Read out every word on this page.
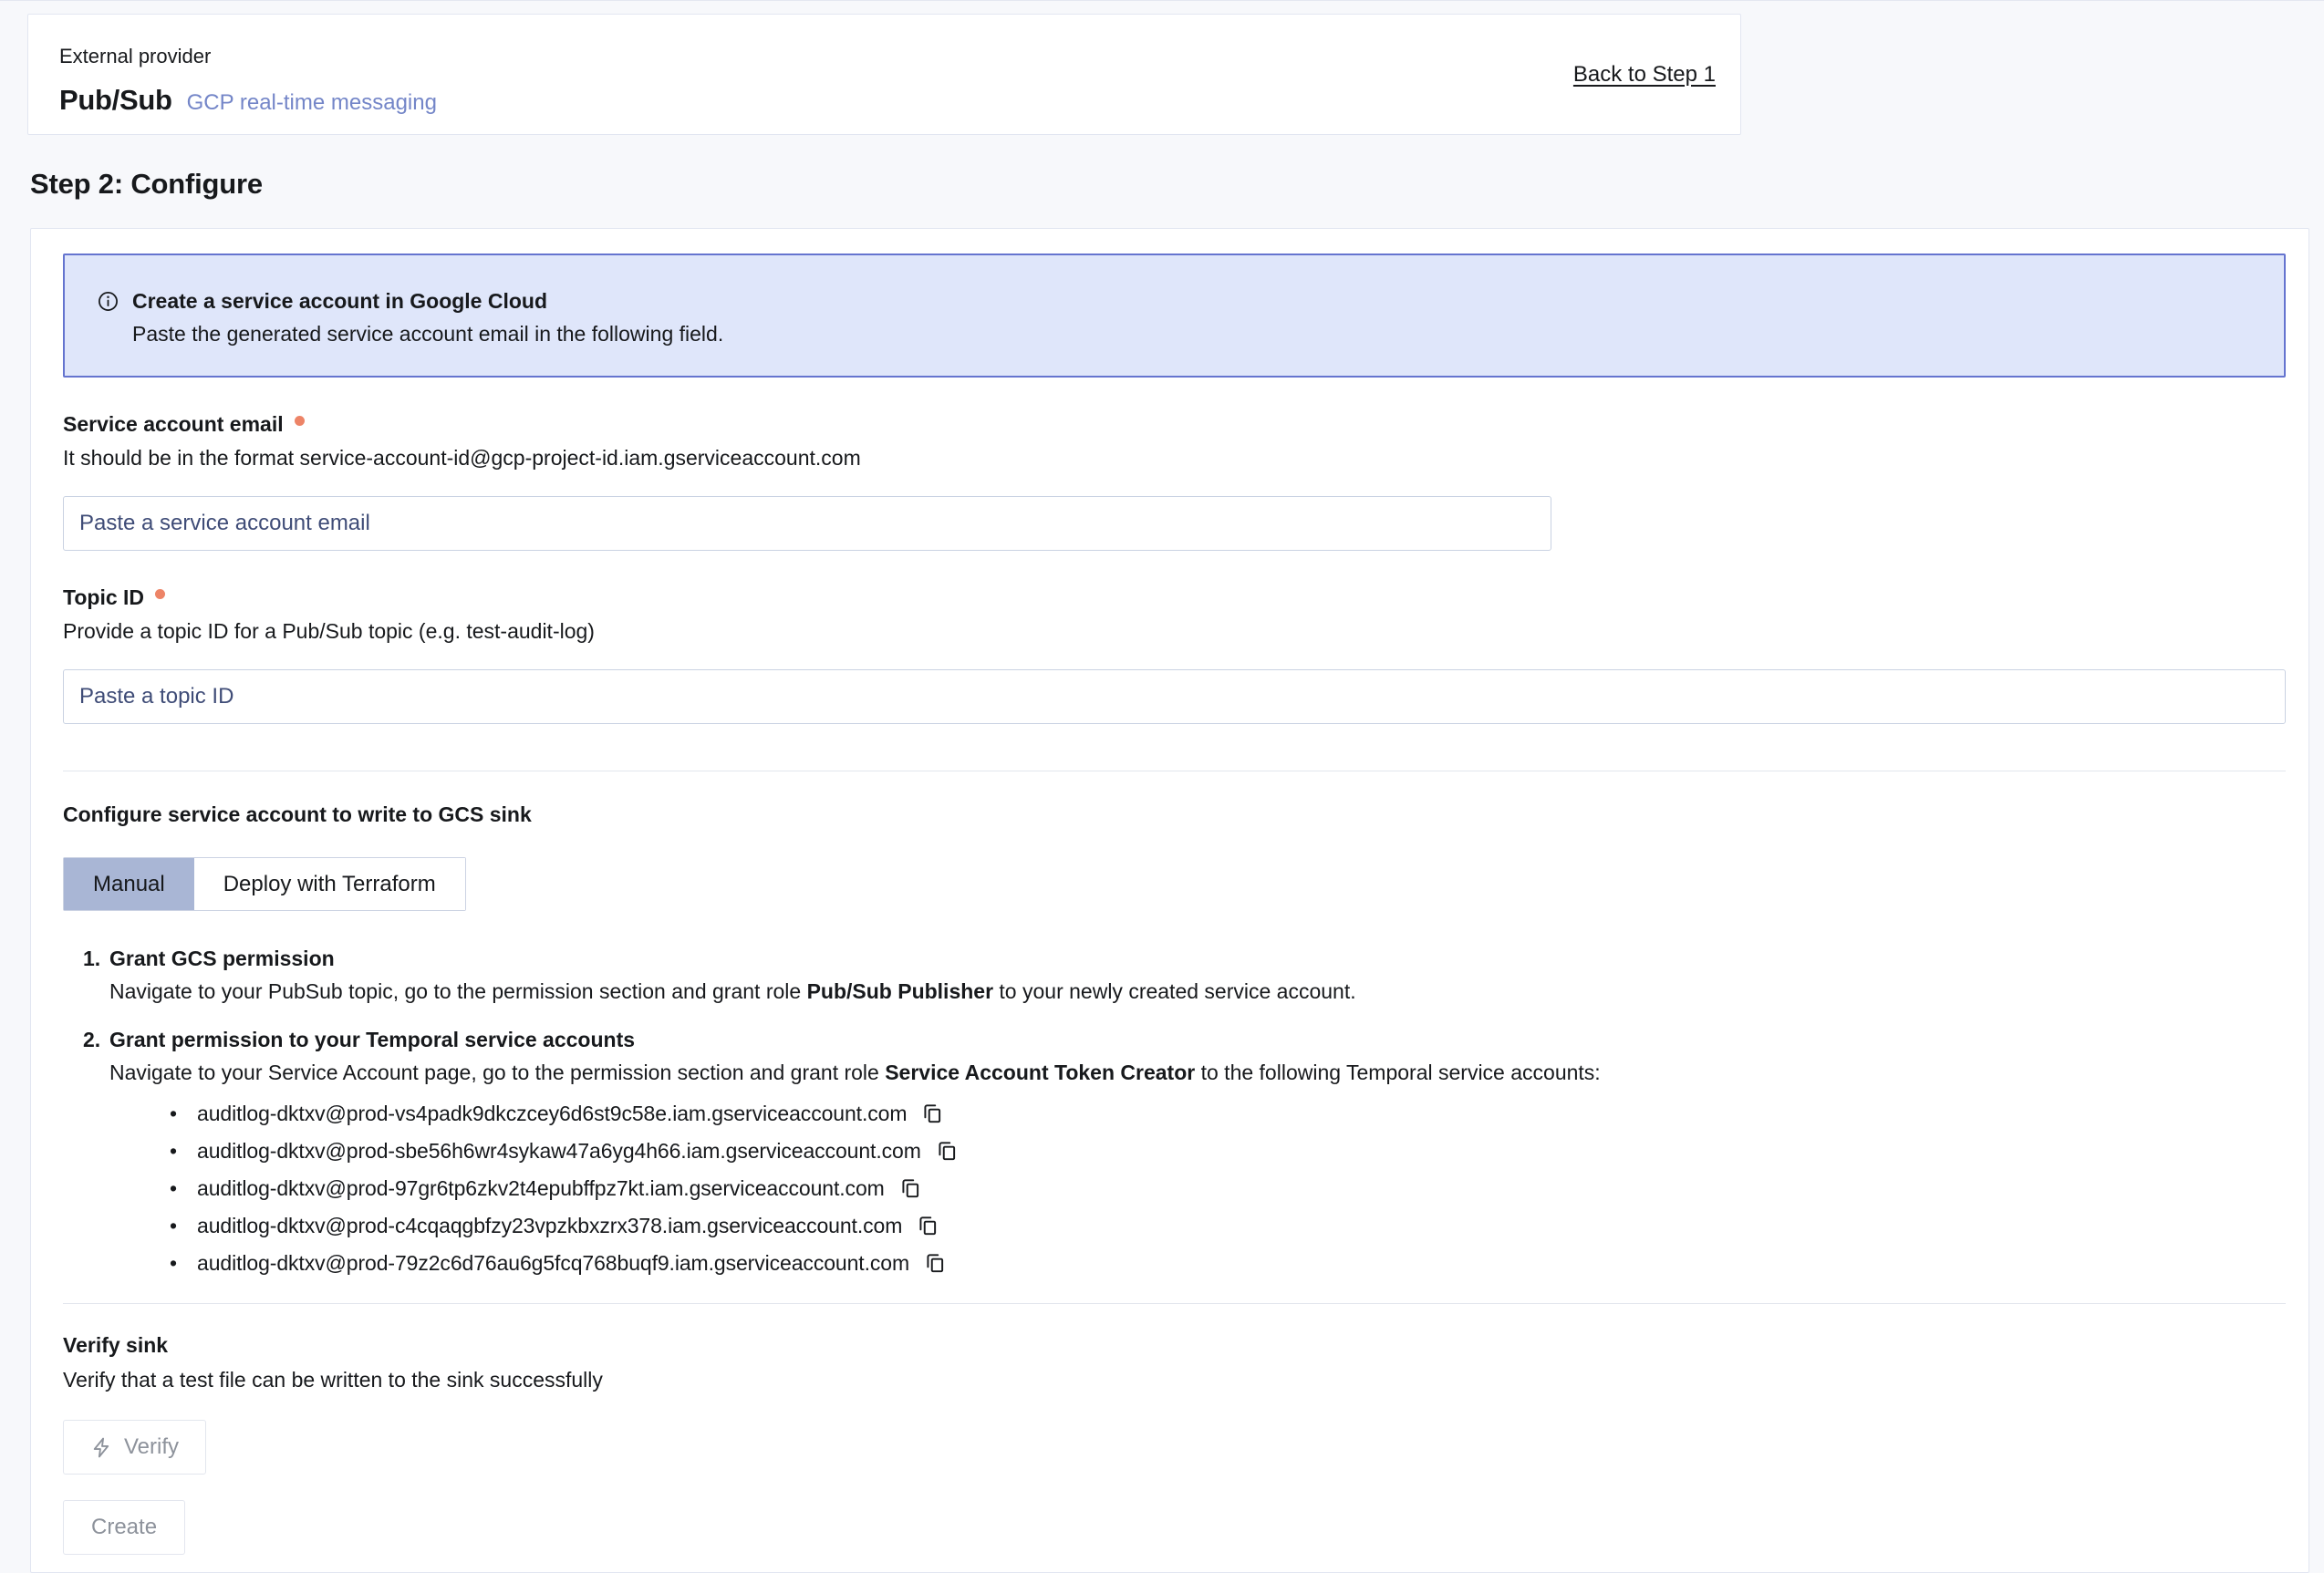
External provider
Pub/Sub GCP real-time messaging
Back to Step 1
Step 2: Configure
Create a service account in Google Cloud
Paste the generated service account email in the following field.
Service account email
It should be in the format service-account-id@gcp-project-id.iam.gserviceaccount.com
Paste a service account email
Topic ID
Provide a topic ID for a Pub/Sub topic (e.g. test-audit-log)
Paste a topic ID
Configure service account to write to GCS sink
Manual	Deploy with Terraform
1. Grant GCS permission
Navigate to your PubSub topic, go to the permission section and grant role Pub/Sub Publisher to your newly created service account.
2. Grant permission to your Temporal service accounts
Navigate to your Service Account page, go to the permission section and grant role Service Account Token Creator to the following Temporal service accounts:
• auditlog-dktxv@prod-vs4padk9dkczcey6d6st9c58e.iam.gserviceaccount.com
• auditlog-dktxv@prod-sbe56h6wr4sykaw47a6yg4h66.iam.gserviceaccount.com
• auditlog-dktxv@prod-97gr6tp6zkv2t4epubffpz7kt.iam.gserviceaccount.com
• auditlog-dktxv@prod-c4cqaqgbfzy23vpzkbxzrx378.iam.gserviceaccount.com
• auditlog-dktxv@prod-79z2c6d76au6g5fcq768buqf9.iam.gserviceaccount.com
Verify sink
Verify that a test file can be written to the sink successfully
Verify
Create
